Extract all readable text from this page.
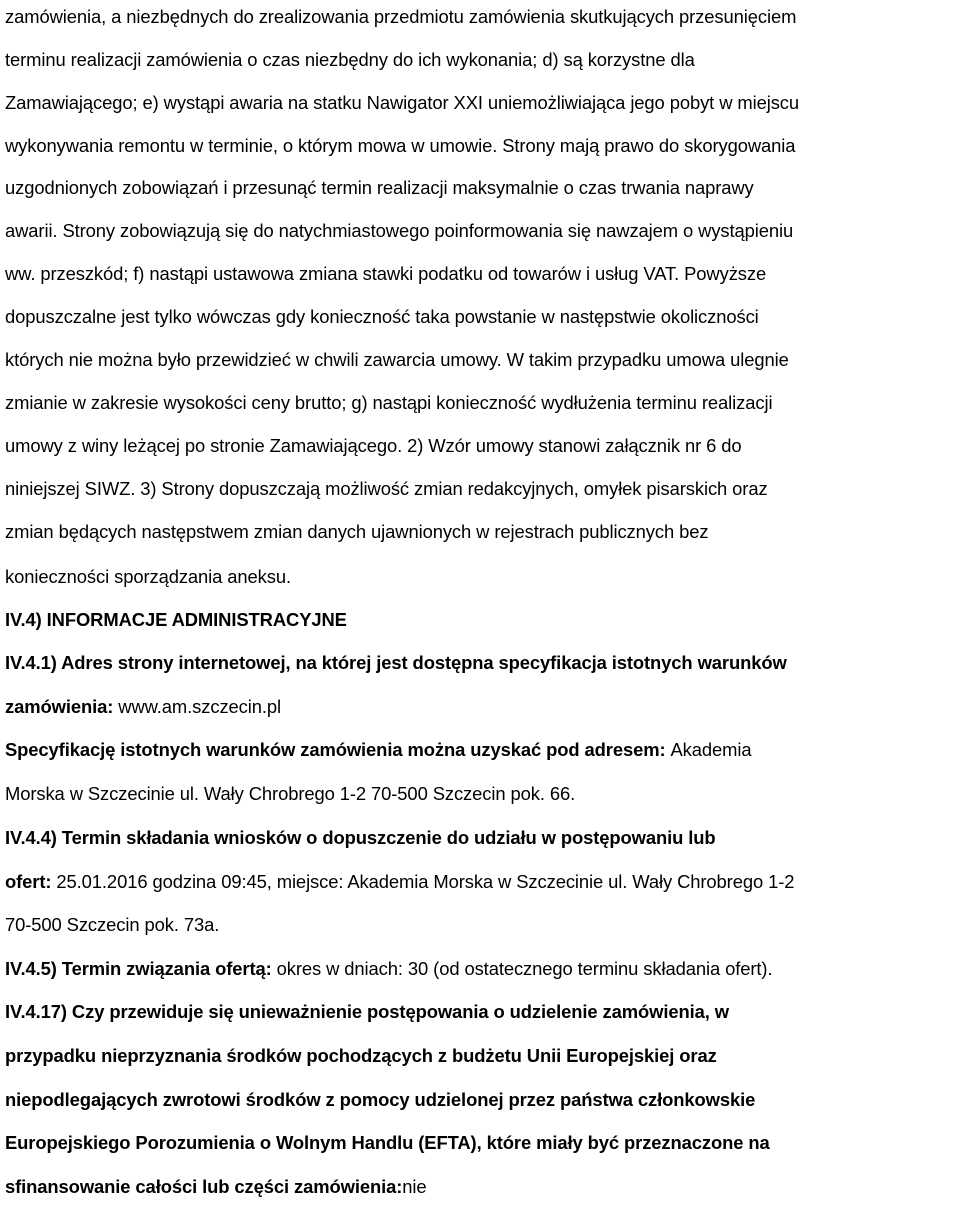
zamówienia, a niezbędnych do zrealizowania przedmiotu zamówienia skutkujących przesunięciem
terminu realizacji zamówienia o czas niezbędny do ich wykonania; d) są korzystne dla
Zamawiającego; e) wystąpi awaria na statku Nawigator XXI uniemożliwiająca jego pobyt w miejscu
wykonywania remontu w terminie, o którym mowa w umowie. Strony mają prawo do skorygowania
uzgodnionych zobowiązań i przesunąć termin realizacji maksymalnie o czas trwania naprawy
awarii. Strony zobowiązują się do natychmiastowego poinformowania się nawzajem o wystąpieniu
ww. przeszkód; f) nastąpi ustawowa zmiana stawki podatku od towarów i usług VAT. Powyższe
dopuszczalne jest tylko wówczas gdy konieczność taka powstanie w następstwie okoliczności
których nie można było przewidzieć w chwili zawarcia umowy. W takim przypadku umowa ulegnie
zmianie w zakresie wysokości ceny brutto; g) nastąpi konieczność wydłużenia terminu realizacji
umowy z winy leżącej po stronie Zamawiającego. 2) Wzór umowy stanowi załącznik nr 6 do
niniejszej SIWZ. 3) Strony dopuszczają możliwość zmian redakcyjnych, omyłek pisarskich oraz
zmian będących następstwem zmian danych ujawnionych w rejestrach publicznych bez
konieczności sporządzania aneksu.
IV.4) INFORMACJE ADMINISTRACYJNE
IV.4.1) Adres strony internetowej, na której jest dostępna specyfikacja istotnych warunków
zamówienia: www.am.szczecin.pl
Specyfikację istotnych warunków zamówienia można uzyskać pod adresem: Akademia
Morska w Szczecinie ul. Wały Chrobrego 1-2 70-500 Szczecin pok. 66.
IV.4.4) Termin składania wniosków o dopuszczenie do udziału w postępowaniu lub
ofert: 25.01.2016 godzina 09:45, miejsce: Akademia Morska w Szczecinie ul. Wały Chrobrego 1-2
70-500 Szczecin pok. 73a.
IV.4.5) Termin związania ofertą: okres w dniach: 30 (od ostatecznego terminu składania ofert).
IV.4.17) Czy przewiduje się unieważnienie postępowania o udzielenie zamówienia, w
przypadku nieprzyznania środków pochodzących z budżetu Unii Europejskiej oraz
niepodlegających zwrotowi środków z pomocy udzielonej przez państwa członkowskie
Europejskiego Porozumienia o Wolnym Handlu (EFTA), które miały być przeznaczone na
sfinansowanie całości lub części zamówienia:nie
